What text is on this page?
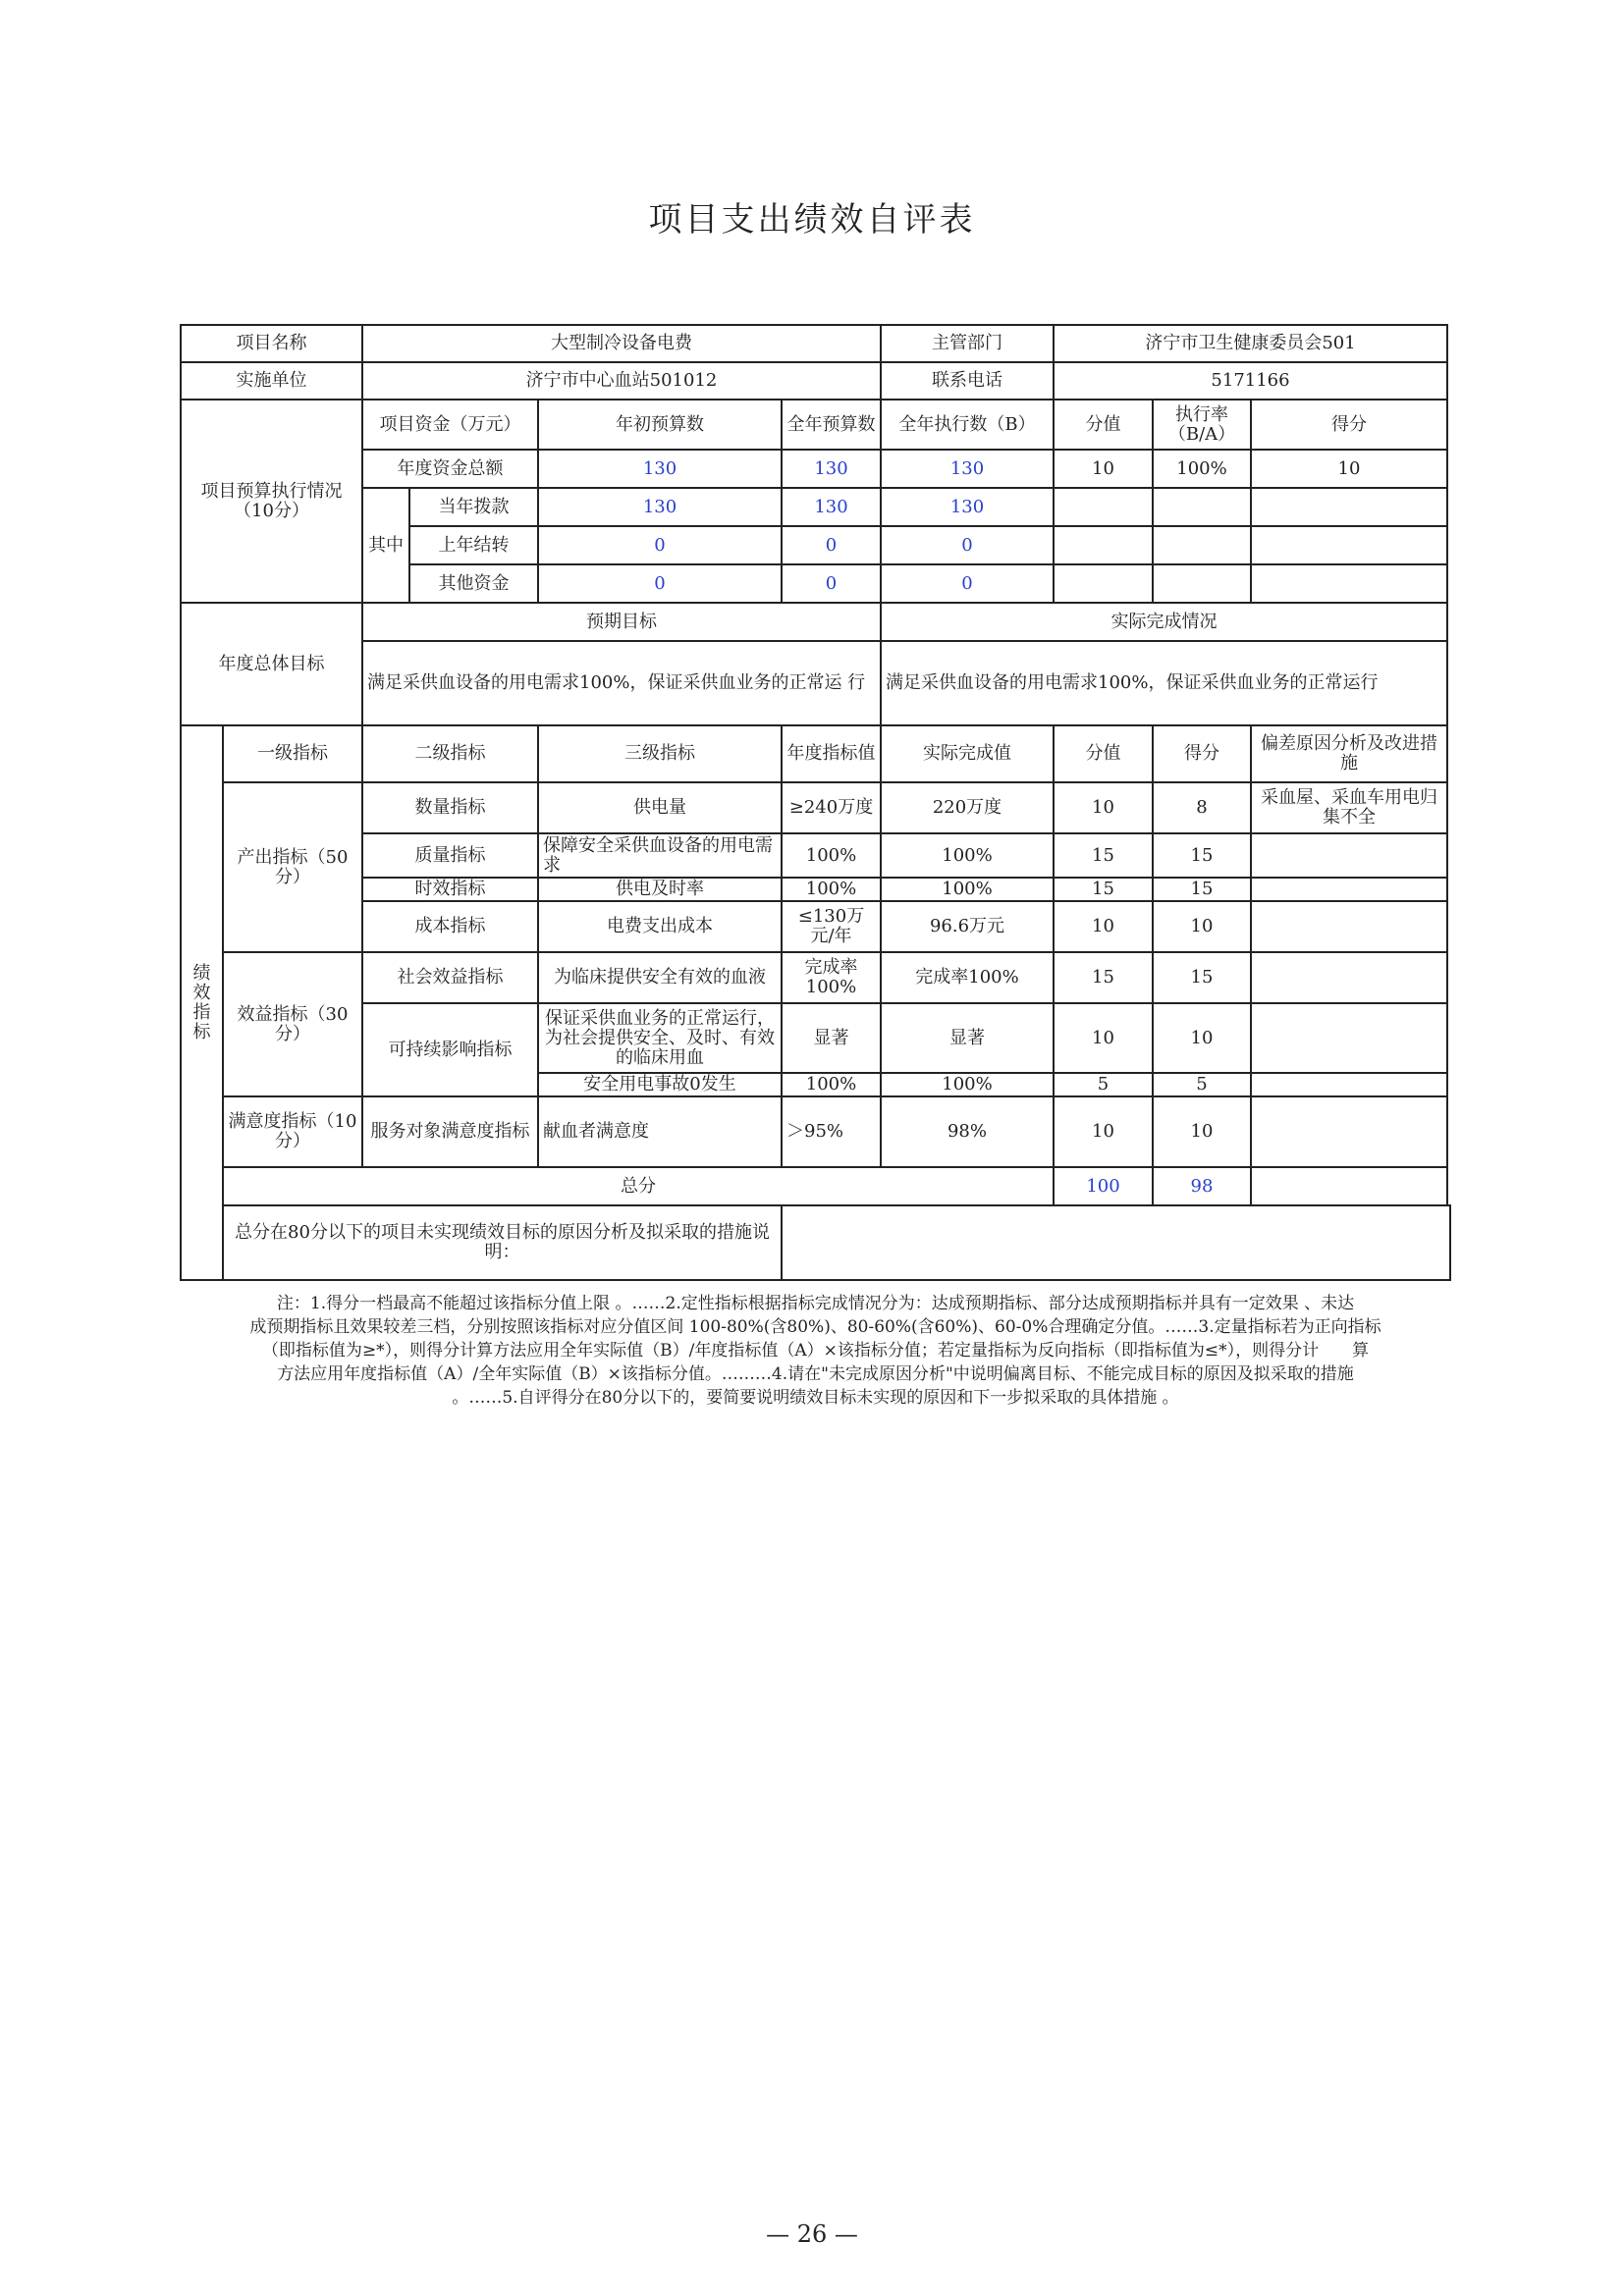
项目支出绩效自评表
项目名称		大型制冷设备电费				主管部门	济宁市卫生健康委员会501		
实施单位		济宁市中心血站501012				联系电话	5171166		
项目预算执行情况（10分）		项目资金（万元）		年初预算数	全年预算数	全年执行数（B）	分值	执行率（B/A）	得分
		年度资金总额		130	130	130	10	100%	10
		其中	当年拨款	130	130	130			
			上年结转	0	0	0			
			其他资金	0	0	0			
年度总体目标		预期目标				实际完成情况			
		满足采供血设备的用电需求100%，保证采供血业务的正常运 行				满足采供血设备的用电需求100%，保证采供血业务的正常运行			
绩效指标	一级指标	二级指标		三级指标	年度指标值	实际完成值	分值	得分	偏差原因分析及改进措施
	产出指标（50分）	数量指标		供电量	≥240万度	220万度	10	8	采血屋、采血车用电归集不全
		质量指标		保障安全采供血设备的用电需求	100%	100%	15	15	
		时效指标		供电及时率	100%	100%	15	15	
		成本指标		电费支出成本	≤130万元/年	96.6万元	10	10	
	效益指标（30分）	社会效益指标		为临床提供安全有效的血液	完成率100%	完成率100%	15	15	
		可持续影响指标		保证采供血业务的正常运行，为社会提供安全、及时、有效的临床用血	显著	显著	10	10	
				安全用电事故0发生	100%	100%	5	5	
	满意度指标（10分）	服务对象满意度指标		献血者满意度	＞95%	98%	10	10	
	总分						100	98	
	总分在80分以下的项目未实现绩效目标的原因分析及拟采取的措施说明：								
注：1.得分一档最高不能超过该指标分值上限 。……2.定性指标根据指标完成情况分为：达成预期指标、部分达成预期指标并具有一定效果 、未达
成预期指标且效果较差三档，分别按照该指标对应分值区间 100-80%(含80%)、80-60%(含60%)、60-0%合理确定分值。……3.定量指标若为正向指标
（即指标值为≥*），则得分计算方法应用全年实际值（B）/年度指标值（A）×该指标分值；若定量指标为反向指标（即指标值为≤*），则得分计　　算
方法应用年度指标值（A）/全年实际值（B）×该指标分值。………4.请在"未完成原因分析"中说明偏离目标、不能完成目标的原因及拟采取的措施
。……5.自评得分在80分以下的，要简要说明绩效目标未实现的原因和下一步拟采取的具体措施 。
— 26 —
